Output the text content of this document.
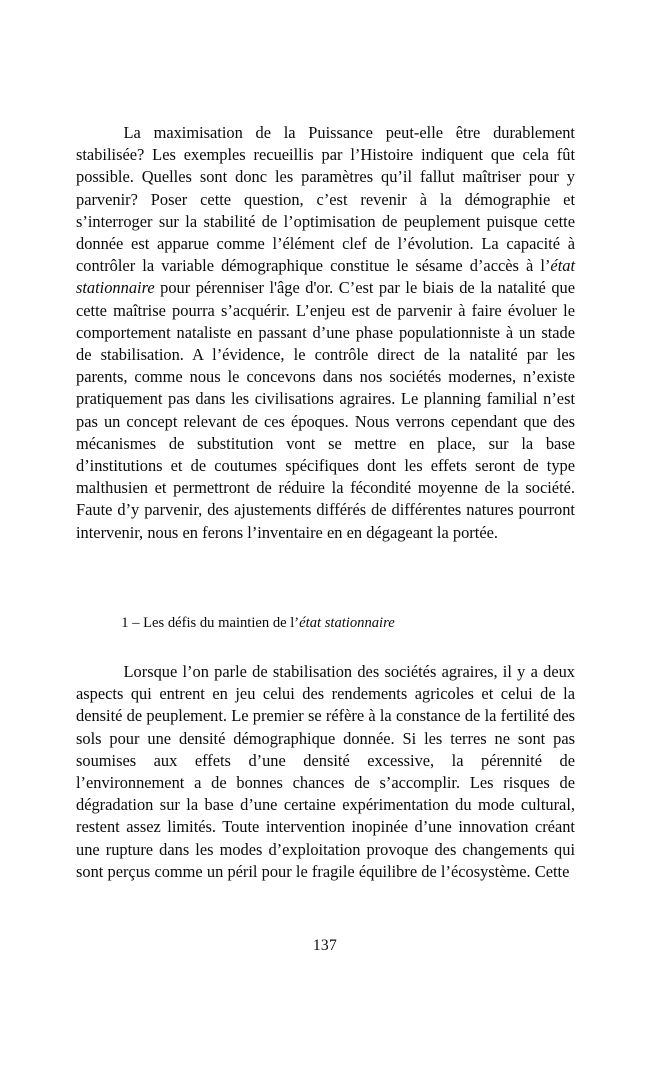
La maximisation de la Puissance peut-elle être durablement stabilisée? Les exemples recueillis par l’Histoire indiquent que cela fût possible. Quelles sont donc les paramètres qu’il fallut maîtriser pour y parvenir? Poser cette question, c’est revenir à la démographie et s’interroger sur la stabilité de l’optimisation de peuplement puisque cette donnée est apparue comme l’élément clef de l’évolution. La capacité à contrôler la variable démographique constitue le sésame d’accès à l’état stationnaire pour pérenniser l'âge d'or. C’est par le biais de la natalité que cette maîtrise pourra s’acquérir. L’enjeu est de parvenir à faire évoluer le comportement nataliste en passant d’une phase populationniste à un stade de stabilisation. A l’évidence, le contrôle direct de la natalité par les parents, comme nous le concevons dans nos sociétés modernes, n’existe pratiquement pas dans les civilisations agraires. Le planning familial n’est pas un concept relevant de ces époques. Nous verrons cependant que des mécanismes de substitution vont se mettre en place, sur la base d’institutions et de coutumes spécifiques dont les effets seront de type malthusien et permettront de réduire la fécondité moyenne de la société. Faute d’y parvenir, des ajustements différés de différentes natures pourront intervenir, nous en ferons l’inventaire en en dégageant la portée.

1 – Les défis du maintien de l’état stationnaire

Lorsque l’on parle de stabilisation des sociétés agraires, il y a deux aspects qui entrent en jeu celui des rendements agricoles et celui de la densité de peuplement. Le premier se réfère à la constance de la fertilité des sols pour une densité démographique donnée. Si les terres ne sont pas soumises aux effets d’une densité excessive, la pérennité de l’environnement a de bonnes chances de s’accomplir. Les risques de dégradation sur la base d’une certaine expérimentation du mode cultural, restent assez limités. Toute intervention inopinée d’une innovation créant une rupture dans les modes d’exploitation provoque des changements qui sont perçus comme un péril pour le fragile équilibre de l’écosystème. Cette

137
